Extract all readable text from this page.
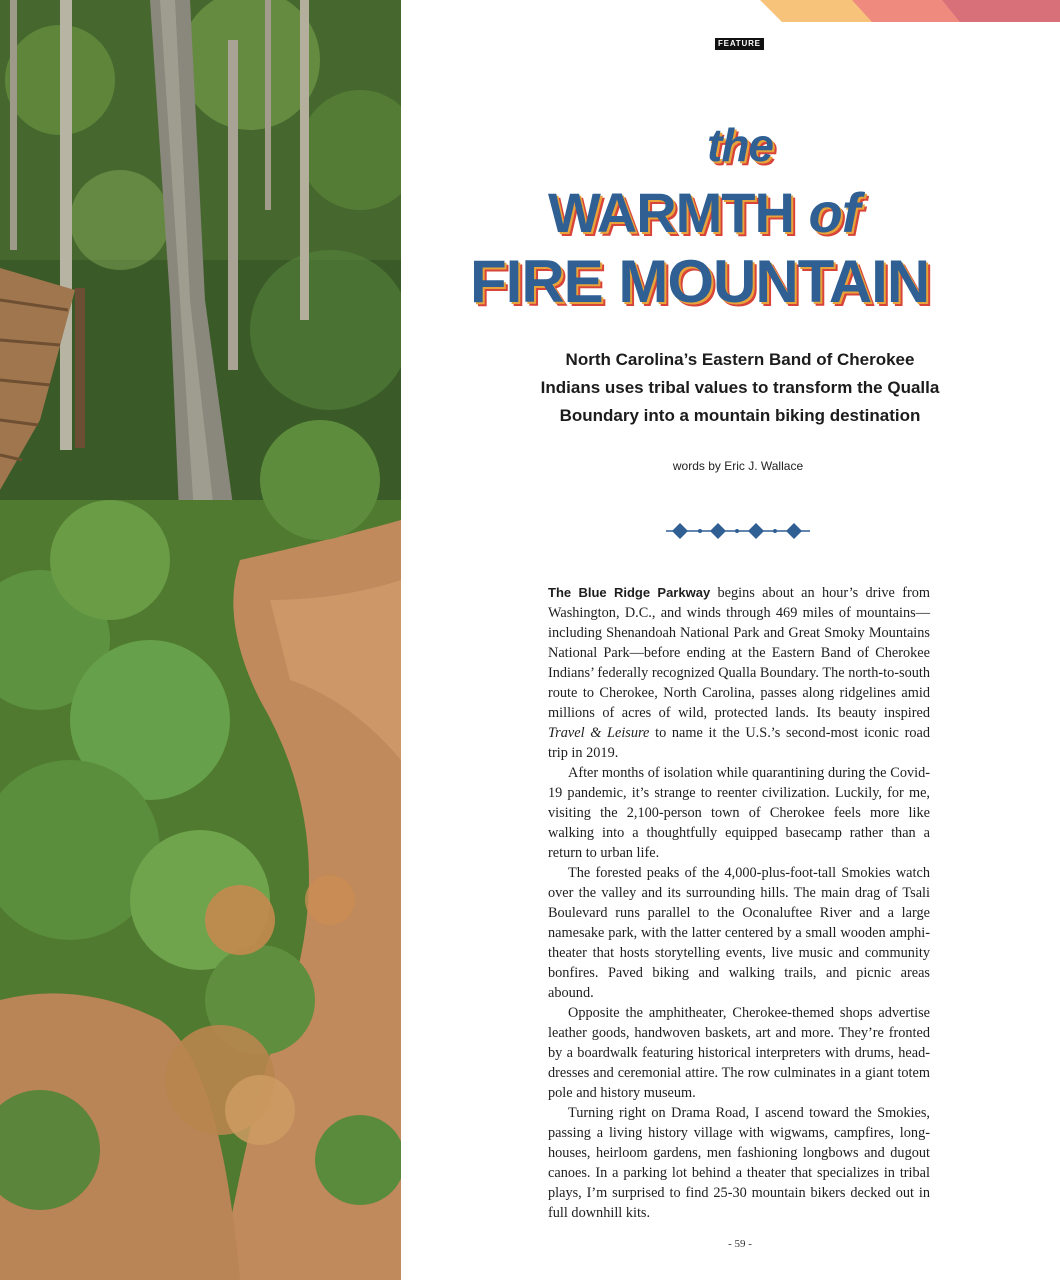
FEATURE
the
WARMTH of
FIRE MOUNTAIN
North Carolina’s Eastern Band of Cherokee
Indians uses tribal values to transform the Qualla
Boundary into a mountain biking destination
words by Eric J. Wallace

The Blue Ridge Parkway begins about an hour’s drive from Washington, D.C., and winds through 469 miles of mountains—including Shenandoah National Park and Great Smoky Mountains National Park—before ending at the Eastern Band of Cherokee Indians’ federally recognized Qualla Boundary. The north-to-south route to Cherokee, North Carolina, passes along ridgelines amid millions of acres of wild, protected lands. Its beauty inspired Travel & Leisure to name it the U.S.’s second-most iconic road trip in 2019.

After months of isolation while quarantining during the Covid-19 pandemic, it’s strange to reenter civilization. Luckily, for me, visiting the 2,100-person town of Cherokee feels more like walking into a thoughtfully equipped basecamp rather than a return to urban life.

The forested peaks of the 4,000-plus-foot-tall Smokies watch over the valley and its surrounding hills. The main drag of Tsali Boulevard runs parallel to the Oconaluftee River and a large namesake park, with the latter centered by a small wooden amphitheater that hosts storytelling events, live music and community bonfires. Paved biking and walking trails, and picnic areas abound.

Opposite the amphitheater, Cherokee-themed shops advertise leather goods, handwoven baskets, art and more. They’re fronted by a boardwalk featuring historical interpreters with drums, headdresses and ceremonial attire. The row culminates in a giant totem pole and history museum.

Turning right on Drama Road, I ascend toward the Smokies, passing a living history village with wigwams, campfires, longhouses, heirloom gardens, men fashioning longbows and dugout canoes. In a parking lot behind a theater that specializes in tribal plays, I’m surprised to find 25-30 mountain bikers decked out in full downhill kits.

- 59 -
